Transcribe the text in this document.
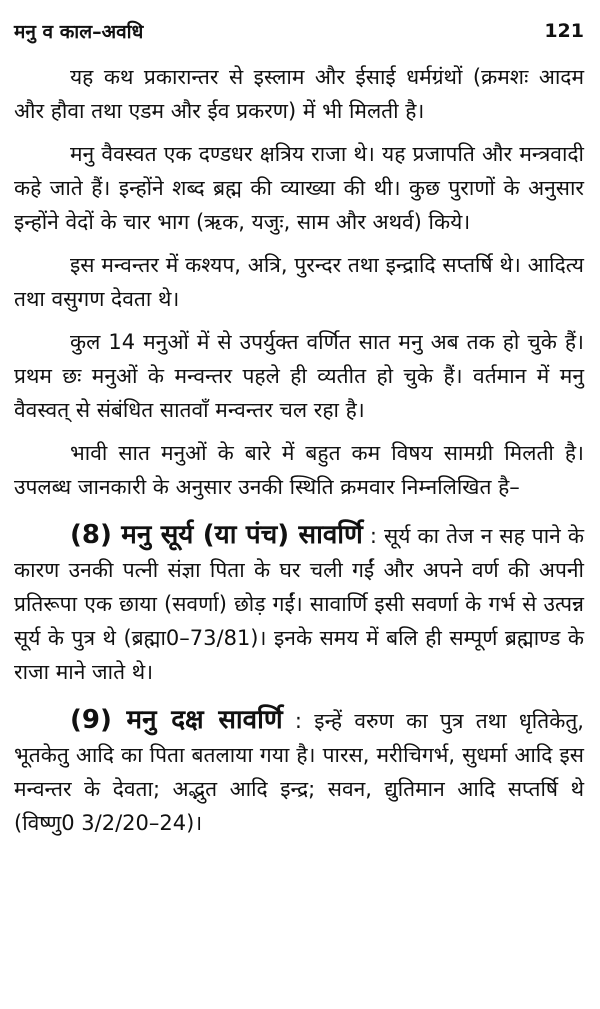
मनु व काल–अवधि	121

यह कथ प्रकारान्तर से इस्लाम और ईसाई धर्मग्रंथों (क्रमशः आदम और हौवा तथा एडम और ईव प्रकरण) में भी मिलती है।

मनु वैवस्वत एक दण्डधर क्षत्रिय राजा थे। यह प्रजापति और मन्त्रवादी कहे जाते हैं। इन्होंने शब्द ब्रह्म की व्याख्या की थी। कुछ पुराणों के अनुसार इन्होंने वेदों के चार भाग (ऋक, यजुः, साम और अथर्व) किये।

इस मन्वन्तर में कश्यप, अत्रि, पुरन्दर तथा इन्द्रादि सप्तर्षि थे। आदित्य तथा वसुगण देवता थे।

कुल 14 मनुओं में से उपर्युक्त वर्णित सात मनु अब तक हो चुके हैं। प्रथम छः मनुओं के मन्वन्तर पहले ही व्यतीत हो चुके हैं। वर्तमान में मनु वैवस्वत् से संबंधित सातवाँ मन्वन्तर चल रहा है।

भावी सात मनुओं के बारे में बहुत कम विषय सामग्री मिलती है। उपलब्ध जानकारी के अनुसार उनकी स्थिति क्रमवार निम्नलिखित है–

(8) मनु सूर्य (या पंच) सावर्णि : सूर्य का तेज न सह पाने के कारण उनकी पत्नी संज्ञा पिता के घर चली गईं और अपने वर्ण की अपनी प्रतिरूपा एक छाया (सवर्णा) छोड़ गईं। सावार्णि इसी सवर्णा के गर्भ से उत्पन्न सूर्य के पुत्र थे (ब्रह्मा0–73/81)। इनके समय में बलि ही सम्पूर्ण ब्रह्माण्ड के राजा माने जाते थे।

(9) मनु दक्ष सावर्णि : इन्हें वरुण का पुत्र तथा धृतिकेतु, भूतकेतु आदि का पिता बतलाया गया है। पारस, मरीचिगर्भ, सुधर्मा आदि इस मन्वन्तर के देवता; अद्भुत आदि इन्द्र; सवन, द्युतिमान आदि सप्तर्षि थे (विष्णु0 3/2/20–24)।
